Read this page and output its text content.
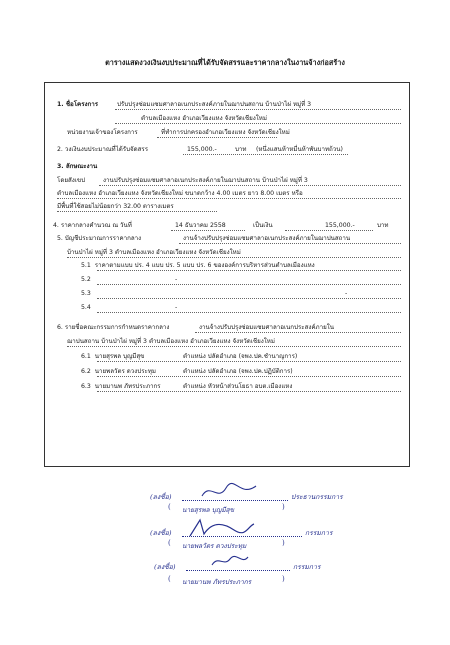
ตารางแสดงวงเงินงบประมาณที่ได้รับจัดสรรและราคากลางในงานจ้างก่อสร้าง
1. ชื่อโครงการ	ปรับปรุงซ่อมแซมศาลาอเนกประสงค์ภายในฌาปนสถาน บ้านป่าไผ่ หมู่ที่ 3
ตำบลเมืองแหง อำเภอเวียงแหง จังหวัดเชียงใหม่
หน่วยงานเจ้าของโครงการ	ที่ทำการปกครองอำเภอเวียงแหง จังหวัดเชียงใหม่
2. วงเงินงบประมาณที่ได้รับจัดสรร	155,000.-	บาท (หนึ่งแสนห้าหมื่นห้าพันบาทถ้วน)
3. ลักษณะงาน
โดยสังเขป	งานปรับปรุงซ่อมแซมศาลาอเนกประสงค์ภายในฌาปนสถาน บ้านป่าไผ่ หมู่ที่ 3
ตำบลเมืองแหง อำเภอเวียงแหง จังหวัดเชียงใหม่ ขนาดกว้าง 4.00 เมตร ยาว 8.00 เมตร หรือ
มีพื้นที่ใช้สอยไม่น้อยกว่า 32.00 ตารางเมตร
4. ราคากลางคำนวณ ณ วันที่	14 ธันวาคม 2558	เป็นเงิน	155,000.-	บาท
5. บัญชีประมาณการราคากลาง	งานจ้างปรับปรุงซ่อมแซมศาลาอเนกประสงค์ภายในฌาปนสถาน
บ้านป่าไผ่ หมู่ที่ 3 ตำบลเมืองแหง อำเภอเวียงแหง จังหวัดเชียงใหม่
5.1 ราคาตามแบบ ปร. 4 แบบ ปร. 5 แบบ ปร. 6 ขององค์การบริหารส่วนตำบลเมืองแหง
5.2	-
5.3	-
5.4	-
6. รายชื่อคณะกรรมการกำหนดราคากลาง	งานจ้างปรับปรุงซ่อมแซมศาลาอเนกประสงค์ภายใน
ฌาปนสถาน บ้านป่าไผ่ หมู่ที่ 3 ตำบลเมืองแหง อำเภอเวียงแหง จังหวัดเชียงใหม่
6.1 นายสุรพล บุญมีสุข	ตำแหน่ง ปลัดอำเภอ (จพง.ปค.ชำนาญการ)
6.2 นายพลวัตร ดวงประทุม	ตำแหน่ง ปลัดอำเภอ (จพง.ปค.ปฏิบัติการ)
6.3 นายมานพ ภัทรประภากร	ตำแหน่ง หัวหน้าส่วนโยธา อบต.เมืองแหง
(ลงชื่อ)	ประธานกรรมการ
( นายสุรพล บุญมีสุข	)
(ลงชื่อ)	กรรมการ
( นายพลวัตร ดวงประทุม	)
(ลงชื่อ)	กรรมการ
( นายมานพ ภัทรประภากร	)
